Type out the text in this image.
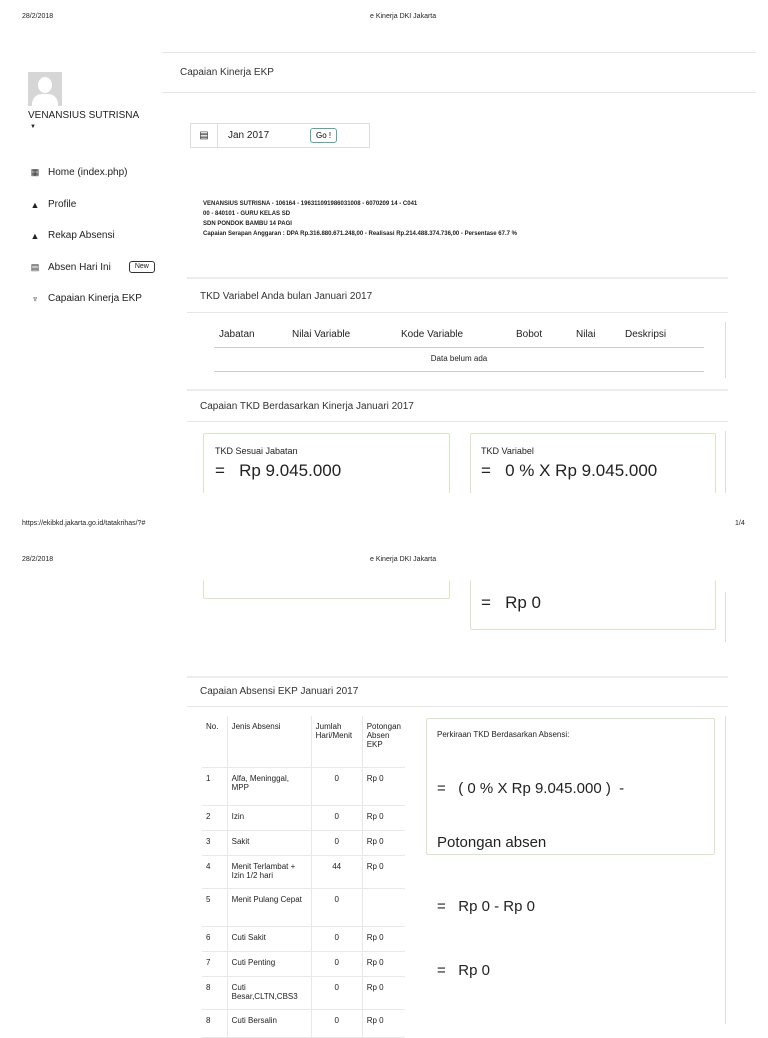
28/2/2018	e Kinerja DKI Jakarta
VENANSIUS SUTRISNA
▼
▦ Home (index.php)
▲ Profile
▲ Rekap Absensi
▤ Absen Hari Ini	New
♆ Capaian Kinerja EKP
Capaian Kinerja EKP
▤	Jan 2017	Go !
VENANSIUS SUTRISNA - 106164 - 196311091986031008 - 6070209 14 - C041
00 - 840101 - GURU KELAS SD
SDN PONDOK BAMBU 14 PAGI
Capaian Serapan Anggaran : DPA Rp.316.880.671.248,00 - Realisasi Rp.214.488.374.736,00 - Persentase 67.7 %
TKD Variabel Anda bulan Januari 2017
Jabatan	Nilai Variable	Kode Variable	Bobot	Nilai	Deskripsi
Data belum ada
Capaian TKD Berdasarkan Kinerja Januari 2017
TKD Sesuai Jabatan
=   Rp 9.045.000
TKD Variabel
=   0 % X Rp 9.045.000
https://ekibkd.jakarta.go.id/tatakrihas/?#	1/4
28/2/2018	e Kinerja DKI Jakarta
=   Rp 0
Capaian Absensi EKP Januari 2017
No.	Jenis Absensi	Jumlah Hari/Menit	Potongan Absen EKP
1	Alfa, Meninggal, MPP	0	Rp 0
2	Izin	0	Rp 0
3	Sakit	0	Rp 0
4	Menit Terlambat + Izin 1/2 hari	44	Rp 0
5	Menit Pulang Cepat	0	
6	Cuti Sakit	0	Rp 0
7	Cuti Penting	0	Rp 0
8	Cuti Besar,CLTN,CBS3	0	Rp 0
8	Cuti Bersalin	0	Rp 0
Perkiraan TKD Berdasarkan Absensi:

=   ( 0 % X Rp 9.045.000 )  -

Potongan absen

=   Rp 0 - Rp 0

=   Rp 0
